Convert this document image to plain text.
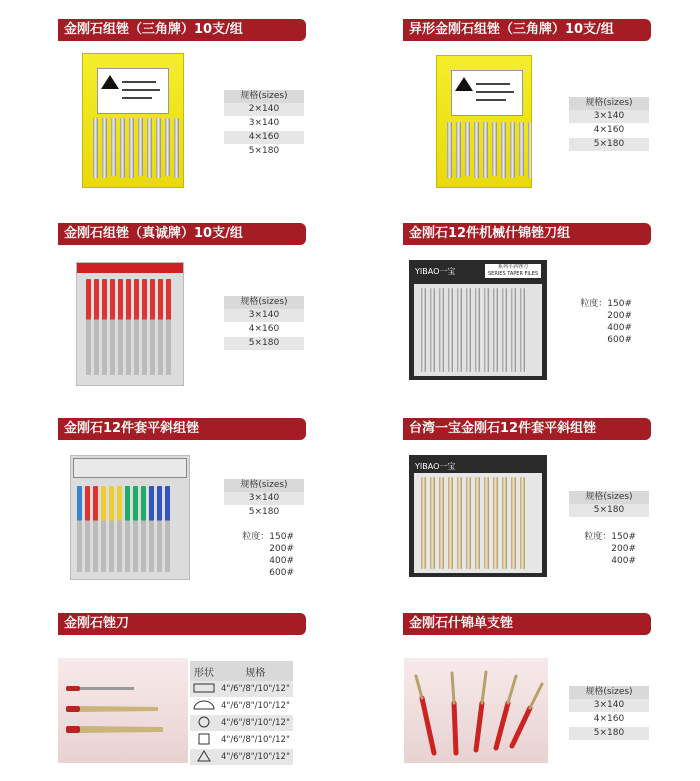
金刚石组锉（三角牌）10支/组
规格(sizes)
2×140
3×140
4×160
5×180
异形金刚石组锉（三角牌）10支/组
规格(sizes)
3×140
4×160
5×180
金刚石组锉（真诚牌）10支/组
规格(sizes)
3×140
4×160
5×180
金刚石12件机械什锦锉刀组
YIBAO一宝	系列平斜锉刀
SERIES TAPER FILES
粒度：150#
200#
400#
600#
金刚石12件套平斜组锉
规格(sizes)
3×140
5×180
粒度：150#
200#
400#
600#
台湾一宝金刚石12件套平斜组锉
YIBAO一宝
规格(sizes)
5×180
粒度：150#
200#
400#
金刚石锉刀
形状	规格
	4"/6"/8"/10"/12"
	4"/6"/8"/10"/12"
	4"/6"/8"/10"/12"
	4"/6"/8"/10"/12"
	4"/6"/8"/10"/12"
金刚石什锦单支锉
规格(sizes)
3×140
4×160
5×180
